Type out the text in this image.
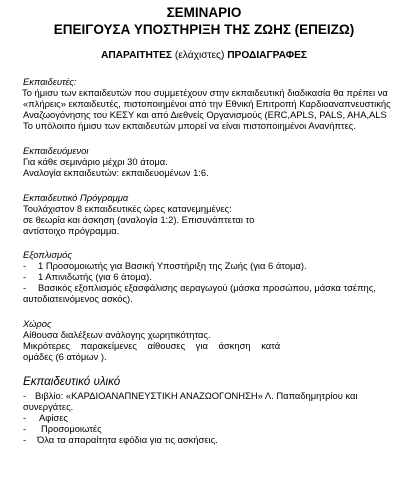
ΣΕΜΙΝΑΡΙΟ
ΕΠΕΙΓΟΥΣΑ ΥΠΟΣΤΗΡΙΞΗ ΤΗΣ ΖΩΗΣ (ΕΠΕΙΖΩ)
ΑΠΑΡΑΙΤΗΤΕΣ (ελάχιστες) ΠΡΟΔΙΑΓΡΑΦΕΣ
Εκπαιδευτές:
Το ήμισυ των εκπαιδευτών που συμμετέχουν στην εκπαιδευτική διαδικασία θα πρέπει να
«πλήρεις» εκπαιδευτές, πιστοποιημένοι από την Εθνική Επιτροπή Καρδιοαναπνευστικής
Αναζωογόνησης του ΚΕΣΥ και από Διεθνείς Οργανισμούς (ERC,APLS, PALS, AHA,ALS
Το υπόλοιπο ήμισυ των εκπαιδευτών μπορεί να είναι πιστοποιημένοι Ανανήπτες.
Εκπαιδευόμενοι
Για κάθε σεμινάριο μέχρι 30 άτομα.
Αναλογία εκπαιδευτών: εκπαιδευομένων 1:6.
Εκπαιδευτικό Πρόγραμμα
Τουλάχιστον 8 εκπαιδευτικές ώρες κατανεμημένες:
σε θεωρία και άσκηση (αναλογία 1:2). Επισυνάπτεται το
αντίστοιχο πρόγραμμα.
Εξοπλισμός
-	1 Προσομοιωτής για Βασική Υποστήριξη της Ζωής (για 6 άτομα).
-	1 Απινιδωτής (για 6 άτομα).
-	Βασικός εξοπλισμός εξασφάλισης αεραγωγού (μάσκα προσώπου, μάσκα τσέπης,
αυτοδιατεινόμενος ασκός).
Χώρος
Αίθουσα διαλέξεων ανάλογης χωρητικότητας.
Μικρότερες παρακείμενες αίθουσες για άσκηση κατά
ομάδες (6 ατόμων ).
Εκπαιδευτικό υλικό
- Βιβλίο: «ΚΑΡΔΙΟΑΝΑΠΝΕΥΣΤΙΚΗ ΑΝΑΖΩΟΓΟΝΗΣΗ» Λ. Παπαδημητρίου και
συνεργάτες.
-	Αφίσες
-	Προσομοιωτές
-	Όλα τα απαραίτητα εφόδια για τις ασκήσεις.
